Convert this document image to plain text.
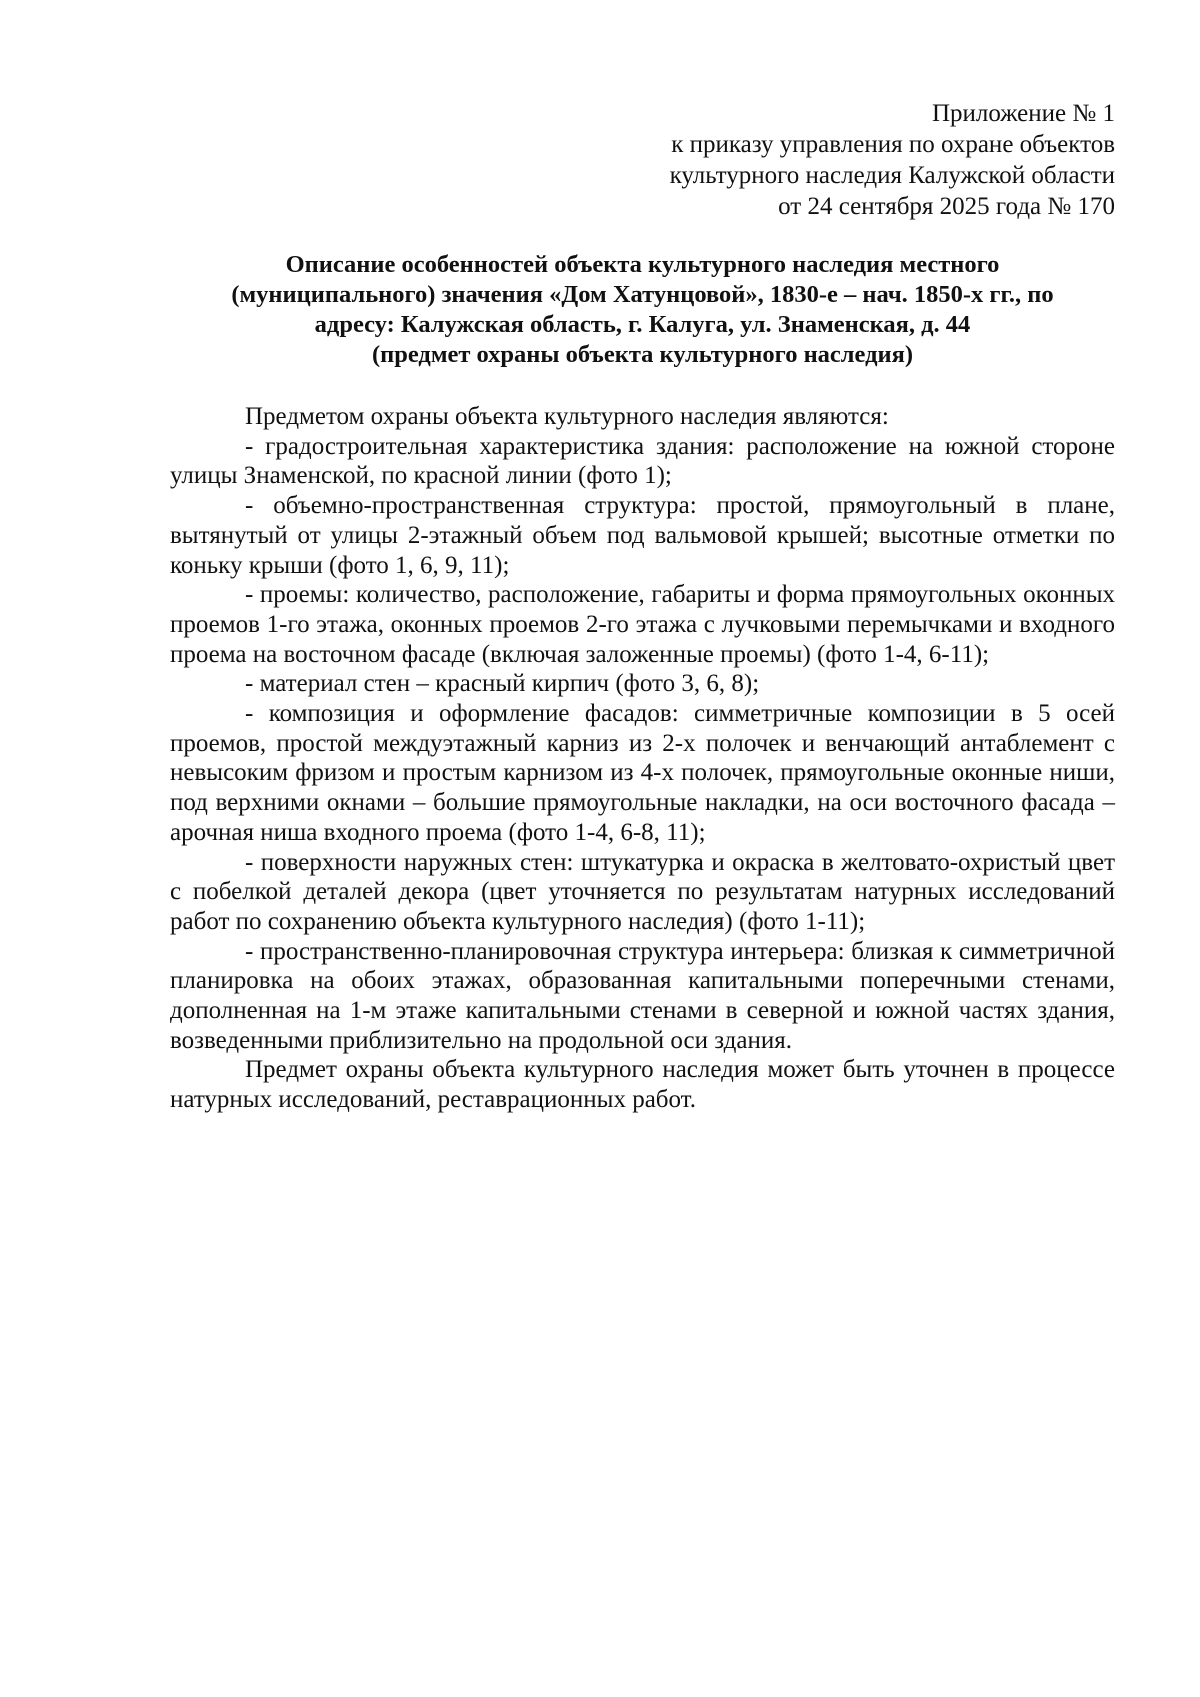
Приложение № 1
к приказу управления по охране объектов
культурного наследия Калужской области
от 24 сентября 2025 года № 170
Описание особенностей объекта культурного наследия местного
(муниципального) значения «Дом Хатунцовой», 1830-е – нач. 1850-х гг., по
адресу: Калужская область, г. Калуга, ул. Знаменская, д. 44
(предмет охраны объекта культурного наследия)

Предметом охраны объекта культурного наследия являются:

- градостроительная характеристика здания: расположение на южной стороне улицы Знаменской, по красной линии (фото 1);

- объемно-пространственная структура: простой, прямоугольный в плане, вытянутый от улицы 2-этажный объем под вальмовой крышей; высотные отметки по коньку крыши (фото 1, 6, 9, 11);

- проемы: количество, расположение, габариты и форма прямоугольных оконных проемов 1-го этажа, оконных проемов 2-го этажа с лучковыми перемычками и входного проема на восточном фасаде (включая заложенные проемы) (фото 1-4, 6-11);

- материал стен – красный кирпич (фото 3, 6, 8);

- композиция и оформление фасадов: симметричные композиции в 5 осей проемов, простой междуэтажный карниз из 2-х полочек и венчающий антаблемент с невысоким фризом и простым карнизом из 4-х полочек, прямоугольные оконные ниши, под верхними окнами – большие прямоугольные накладки, на оси восточного фасада – арочная ниша входного проема (фото 1-4, 6-8, 11);

- поверхности наружных стен: штукатурка и окраска в желтовато-охристый цвет с побелкой деталей декора (цвет уточняется по результатам натурных исследований работ по сохранению объекта культурного наследия) (фото 1-11);

- пространственно-планировочная структура интерьера: близкая к симметричной планировка на обоих этажах, образованная капитальными поперечными стенами, дополненная на 1-м этаже капитальными стенами в северной и южной частях здания, возведенными приблизительно на продольной оси здания.

Предмет охраны объекта культурного наследия может быть уточнен в процессе натурных исследований, реставрационных работ.
